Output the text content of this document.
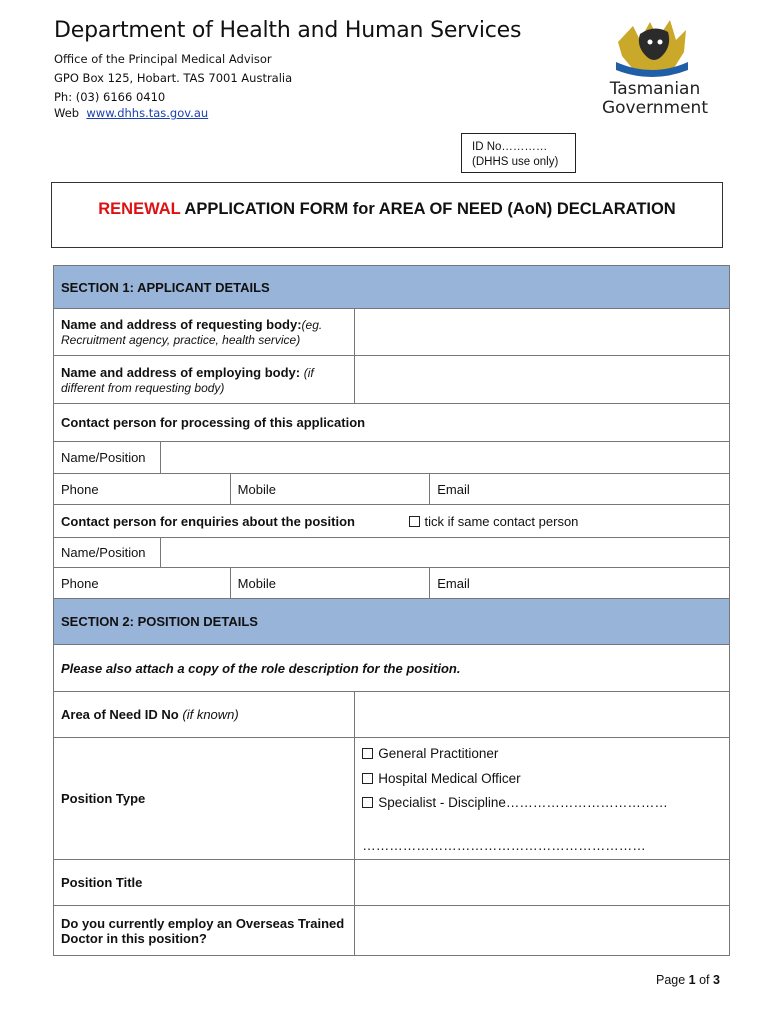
Department of Health and Human Services
Office of the Principal Medical Advisor
GPO Box 125, Hobart. TAS 7001 Australia
Ph: (03) 6166 0410
Web www.dhhs.tas.gov.au
Tasmanian
Government
ID No…………
(DHHS use only)
RENEWAL APPLICATION FORM for AREA OF NEED (AoN) DECLARATION
SECTION 1: APPLICANT DETAILS				
Name and address of requesting body:(eg.
Recruitment agency, practice, health service)				
Name and address of employing body: (if
different from requesting body)				
Contact person for processing of this application				
Name/Position				
Phone		Mobile		Email
Contact person for enquiries about the position tick if same contact person				

Name/Position				
Phone		Mobile		Email
SECTION 2: POSITION DETAILS				
Please also attach a copy of the role description for the position.				
Area of Need ID No (if known)				
Position Type			General Practitioner
Hospital Medical Officer
Specialist - Discipline………………………………
………………………………………………………	

Position Title				
Do you currently employ an Overseas Trained Doctor in this position?				
Page 1 of 3
